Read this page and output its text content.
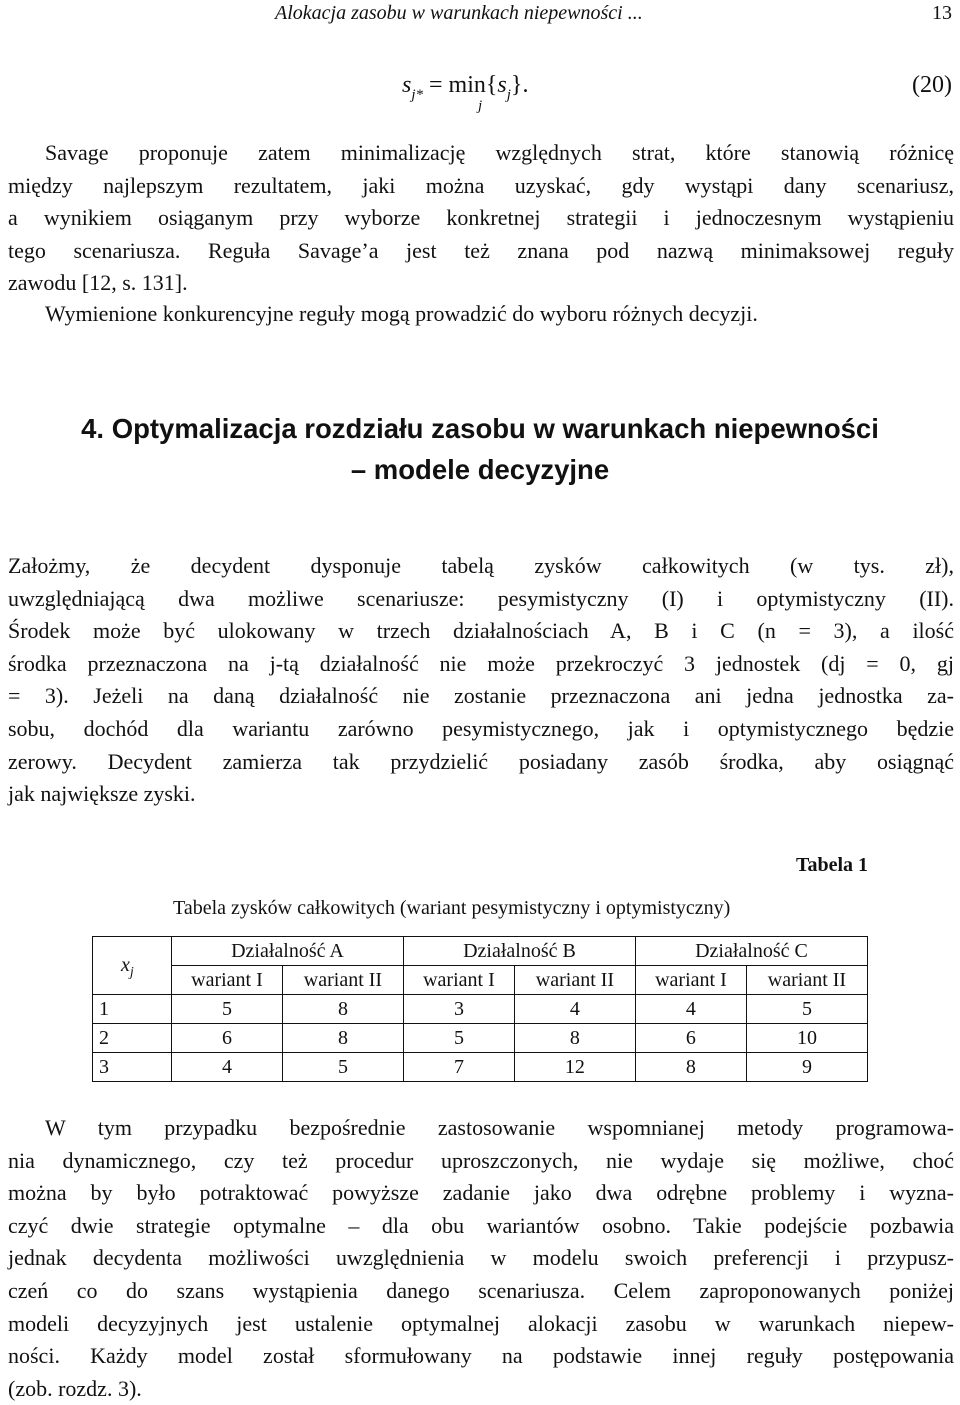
Alokacja zasobu w warunkach niepewności ...	13
$s_{j*} = \min\{s_j\}$.
j
(20)
Savage proponuje zatem minimalizację względnych strat, które stanowią różnicę
między najlepszym rezultatem, jaki można uzyskać, gdy wystąpi dany scenariusz,
a wynikiem osiąganym przy wyborze konkretnej strategii i jednoczesnym wystąpieniu
tego scenariusza. Reguła Savage’a jest też znana pod nazwą minimaksowej reguły
zawodu [12, s. 131].
Wymienione konkurencyjne reguły mogą prowadzić do wyboru różnych decyzji.
4. Optymalizacja rozdziału zasobu w warunkach niepewności
– modele decyzyjne
Założmy, że decydent dysponuje tabelą zysków całkowitych (w tys. zł),
uwzględniającą dwa możliwe scenariusze: pesymistyczny (I) i optymistyczny (II).
Środek może być ulokowany w trzech działalnościach A, B i C (n = 3), a ilość
środka przeznaczona na j-tą działalność nie może przekroczyć 3 jednostek (dj = 0, gj
= 3). Jeżeli na daną działalność nie zostanie przeznaczona ani jedna jednostka za-
sobu, dochód dla wariantu zarówno pesymistycznego, jak i optymistycznego będzie
zerowy. Decydent zamierza tak przydzielić posiadany zasób środka, aby osiągnąć
jak największe zyski.
Tabela 1
Tabela zysków całkowitych (wariant pesymistyczny i optymistyczny)
$x_j$	Działalność A		Działalność B		Działalność C	
	wariant I	wariant II	wariant I	wariant II	wariant I	wariant II
1	5	8	3	4	4	5
2	6	8	5	8	6	10
3	4	5	7	12	8	9
W tym przypadku bezpośrednie zastosowanie wspomnianej metody programowa-
nia dynamicznego, czy też procedur uproszczonych, nie wydaje się możliwe, choć
można by było potraktować powyższe zadanie jako dwa odrębne problemy i wyzna-
czyć dwie strategie optymalne – dla obu wariantów osobno. Takie podejście pozbawia
jednak decydenta możliwości uwzględnienia w modelu swoich preferencji i przypusz-
czeń co do szans wystąpienia danego scenariusza. Celem zaproponowanych poniżej
modeli decyzyjnych jest ustalenie optymalnej alokacji zasobu w warunkach niepew-
ności. Każdy model został sformułowany na podstawie innej reguły postępowania
(zob. rozdz. 3).
